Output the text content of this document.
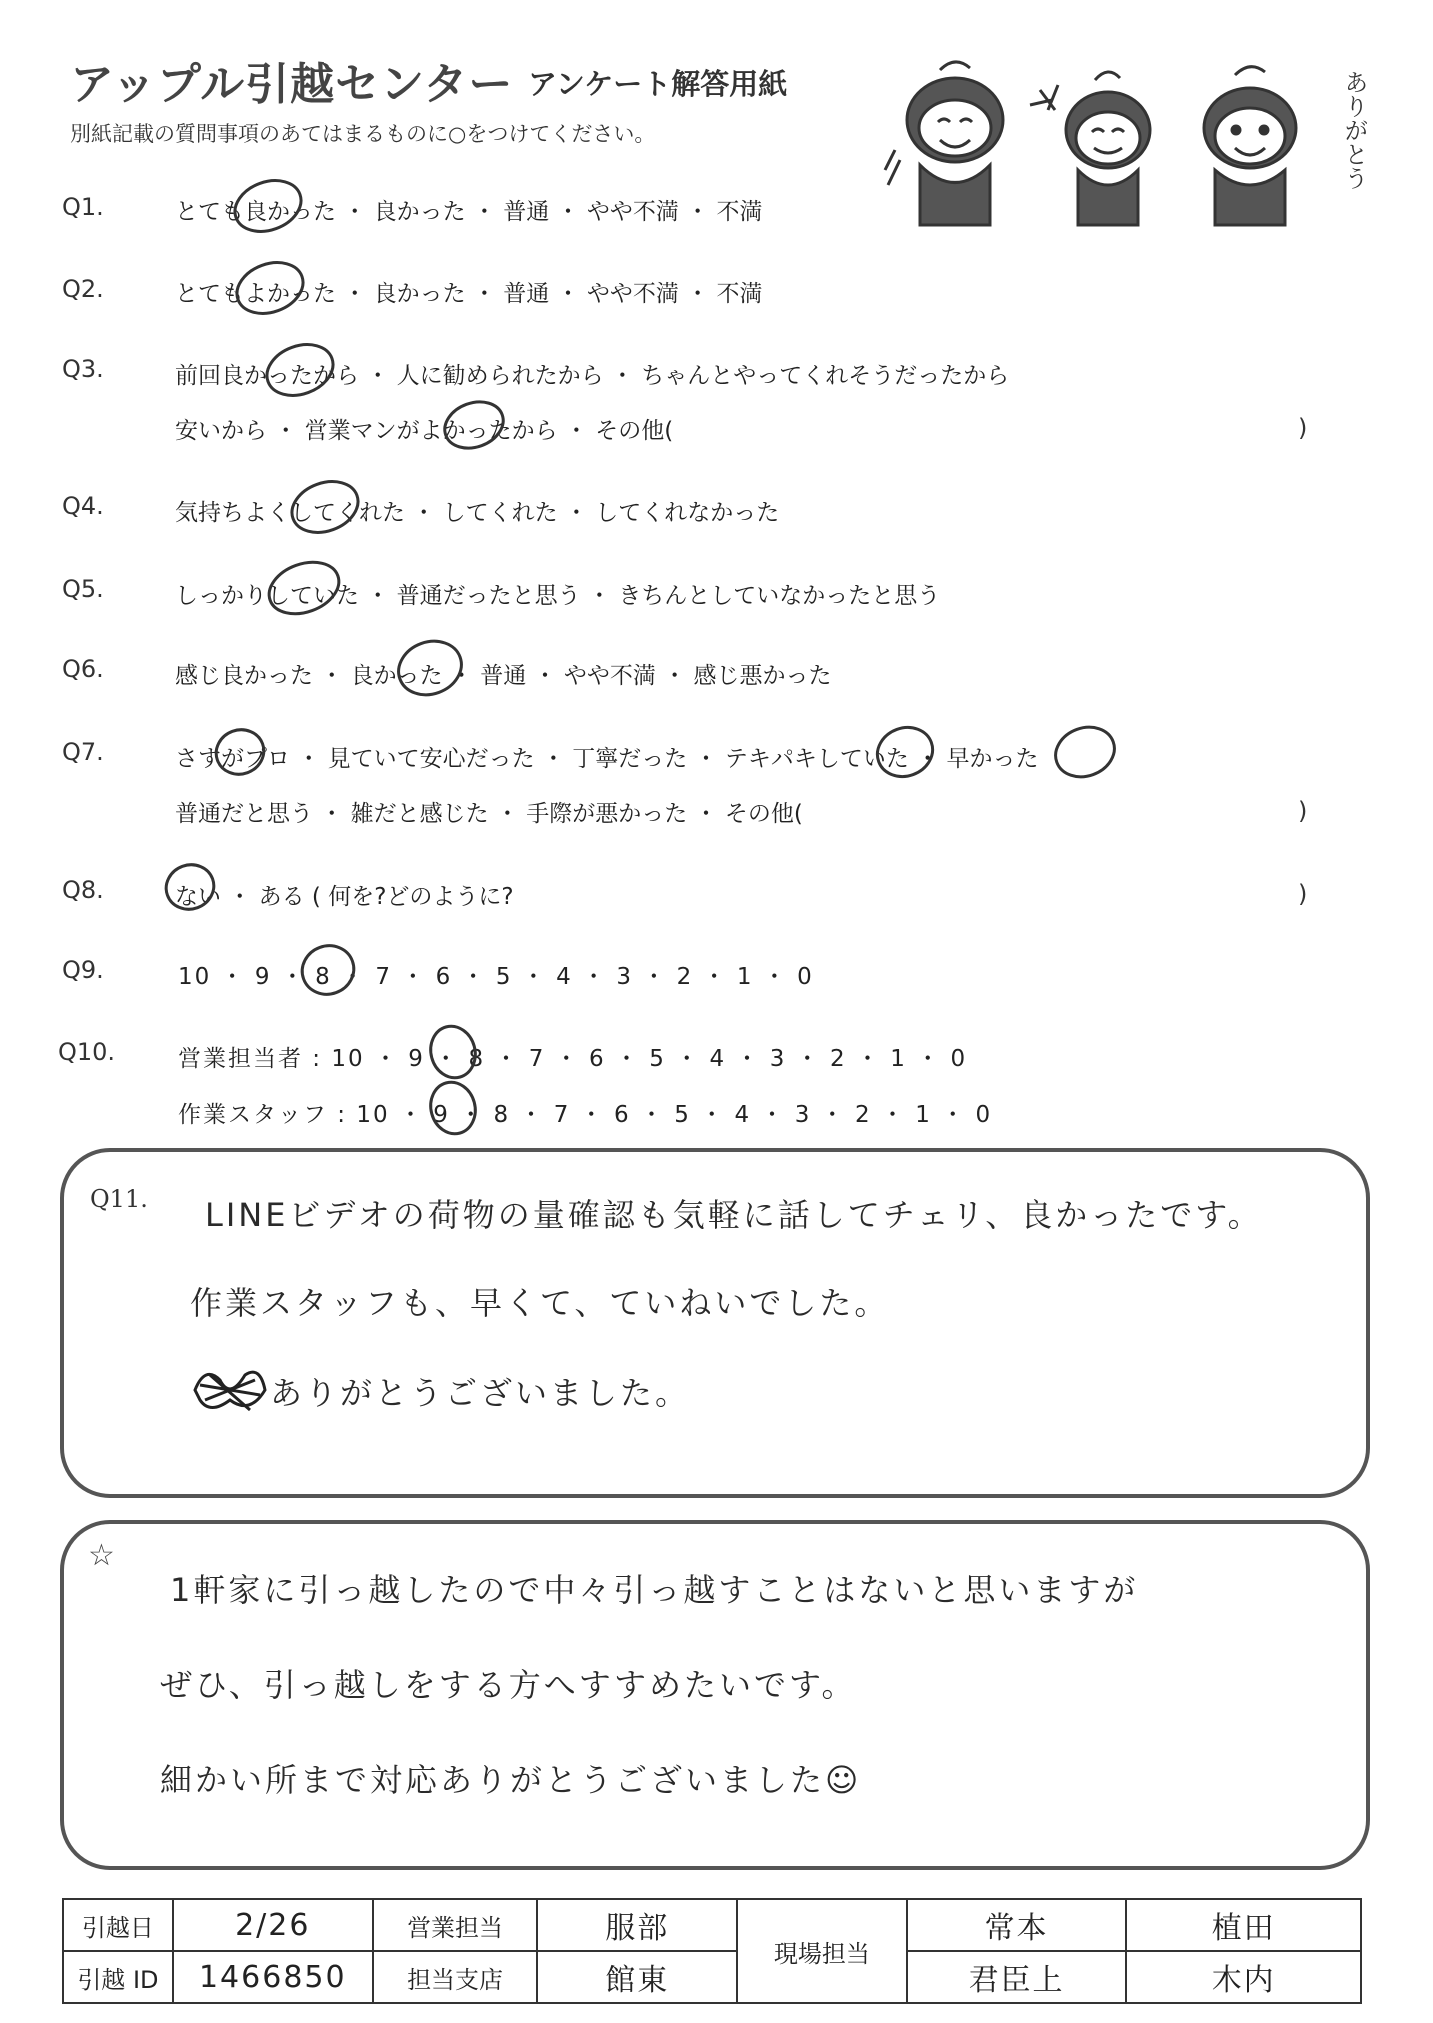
アップル引越センター アンケート解答用紙
別紙記載の質問事項のあてはまるものに○をつけてください。	ありがとう
Q1.	とても良かった ・ 良かった ・ 普通 ・ やや不満 ・ 不満
Q2.	とてもよかった ・ 良かった ・ 普通 ・ やや不満 ・ 不満
Q3.	前回良かったから ・ 人に勧められたから ・ ちゃんとやってくれそうだったから
安いから ・ 営業マンがよかったから ・ その他(	)
Q4.	気持ちよくしてくれた ・ してくれた ・ してくれなかった
Q5.	しっかりしていた ・ 普通だったと思う ・ きちんとしていなかったと思う
Q6.	感じ良かった ・ 良かった ・ 普通 ・ やや不満 ・ 感じ悪かった
Q7.	さすがプロ ・ 見ていて安心だった ・ 丁寧だった ・ テキパキしていた ・ 早かった
普通だと思う ・ 雑だと感じた ・ 手際が悪かった ・ その他(	)
Q8.	ない ・ ある ( 何を?どのように?	)
Q9.	10 ・ 9 ・ 8 ・ 7 ・ 6 ・ 5 ・ 4 ・ 3 ・ 2 ・ 1 ・ 0
Q10.	営業担当者 : 10 ・ 9 ・ 8 ・ 7 ・ 6 ・ 5 ・ 4 ・ 3 ・ 2 ・ 1 ・ 0
作業スタッフ : 10 ・ 9 ・ 8 ・ 7 ・ 6 ・ 5 ・ 4 ・ 3 ・ 2 ・ 1 ・ 0
Q11. LINEビデオの荷物の量確認も気軽に話してチェリ、良かったです。
作業スタッフも、早くて、ていねいでした。
ありがとうございました。
☆
1軒家に引っ越したので中々引っ越すことはないと思いますが
ぜひ、引っ越しをする方へすすめたいです。
細かい所まで対応ありがとうございました☺
引越日	2/26	営業担当	服部	現場担当	常本	植田
引越 ID	1466850	担当支店	館東		君臣上	木内
